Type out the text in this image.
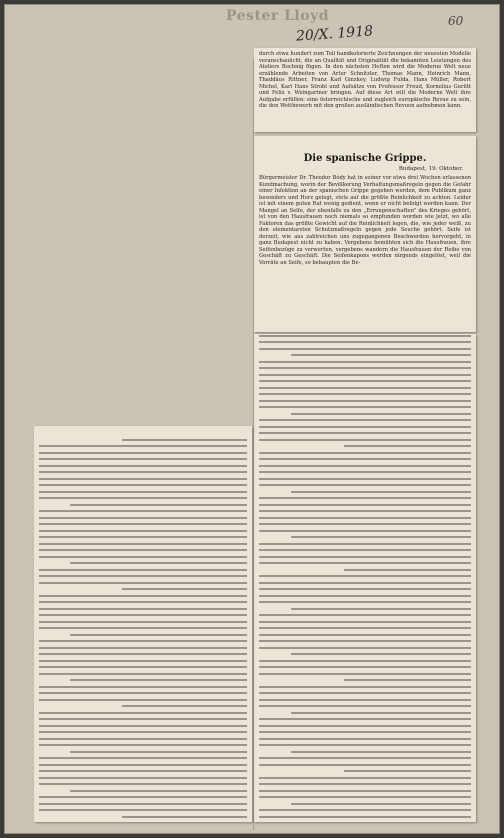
Pester Lloyd
20/X. 1918
60

durch etwa hundert zum Teil handkolorierte Zeichnungen der neuesten Modelle veranschaulicht, die an Qualität und Originalität die bekannten Leistungen des Ateliers Bochnig fügen. In den nächsten Heften wird die Moderne Welt neue erzählende Arbeiten von Artur Schnitzler, Thomas Mann, Heinrich Mann, Thaddäus Rittner, Franz Karl Ginzkey, Ludwig Fulda, Hans Müller, Robert Michel, Karl Hans Strobl und Aufsätze von Professor Freud, Kornelius Gurlitt und Felix v. Weingartner bringen. Auf diese Art will die Moderne Welt ihre Aufgabe erfüllen: eine österreichische und zugleich europäische Revue zu sein, die den Wettbewerb mit den großen ausländischen Revuen aufnehmen kann.

Die spanische Grippe.
Budapest, 19. Oktober.

Bürgermeister Dr. Theodor Bódy hat in seiner vor etwa drei Wochen erlassenen Kundmachung, worin der Bevölkerung Verhaltungsmaßregeln gegen die Gefahr einer Infektion an der spanischen Grippe gegeben werden, dem Publikum ganz besonders und Herz gelegt, stets auf die größte Reinlichkeit zu achten. Leider ist mit einem guten Rat wenig gedient, wenn er nicht befolgt werden kann. Der Mangel an Seife, der ebenfalls zu den „Errungenschaften" des Krieges gehört, ist von den Hausfrauen noch niemals so empfunden worden wie jetzt, wo alle Faktoren das größte Gewicht auf die Reinlichkeit legen, die, wie jeder weiß, zu den elementarsten Schutzmaßregeln gegen jede Seuche gehört. Seife ist derzeit, wie aus zahlreichen uns zugegangenen Beschwerden hervorgeht, in ganz Budapest nicht zu haben. Vergebens bemühten sich die Hausfrauen, ihre Seifenbezüge zu verwerten, vergebens wandern die Hausfrauen der Reihe von Geschäft zu Geschäft. Die Seifenkupons werden nirgends eingelöst, weil die Vorräte an Seife, so behaupten die Be-
